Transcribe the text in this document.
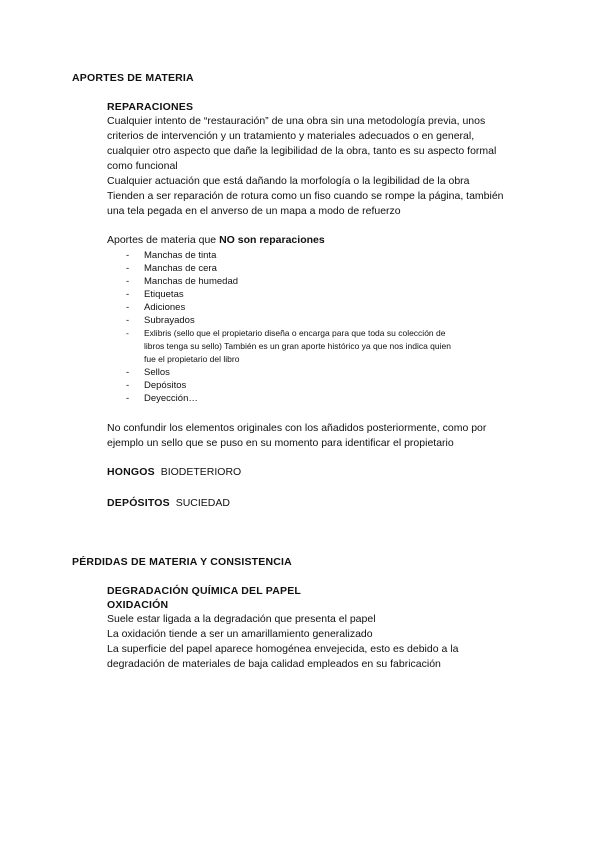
APORTES DE MATERIA
REPARACIONES

Cualquier intento de “restauración” de una obra sin una metodología previa, unos

criterios de intervención y un tratamiento y materiales adecuados o en general,

cualquier otro aspecto que dañe la legibilidad de la obra, tanto es su aspecto formal

como funcional

Cualquier actuación que está dañando la morfología o la legibilidad de la obra

Tienden a ser reparación de rotura como un fiso cuando se rompe la página, también

una tela pegada en el anverso de un mapa a modo de refuerzo

Aportes de materia que NO son reparaciones

- Manchas de tinta
- Manchas de cera
- Manchas de humedad
- Etiquetas
- Adiciones
- Subrayados
- Exlibris (sello que el propietario diseña o encarga para que toda su colección de
libros tenga su sello) También es un gran aporte histórico ya que nos indica quien
fue el propietario del libro
- Sellos
- Depósitos
- Deyección…

No confundir los elementos originales con los añadidos posteriormente, como por

ejemplo un sello que se puso en su momento para identificar el propietario

HONGOS BIODETERIORO
DEPÓSITOS SUCIEDAD
PÉRDIDAS DE MATERIA Y CONSISTENCIA
DEGRADACIÓN QUÍMICA DEL PAPEL
OXIDACIÓN

Suele estar ligada a la degradación que presenta el papel

La oxidación tiende a ser un amarillamiento generalizado

La superficie del papel aparece homogénea envejecida, esto es debido a la

degradación de materiales de baja calidad empleados en su fabricación
